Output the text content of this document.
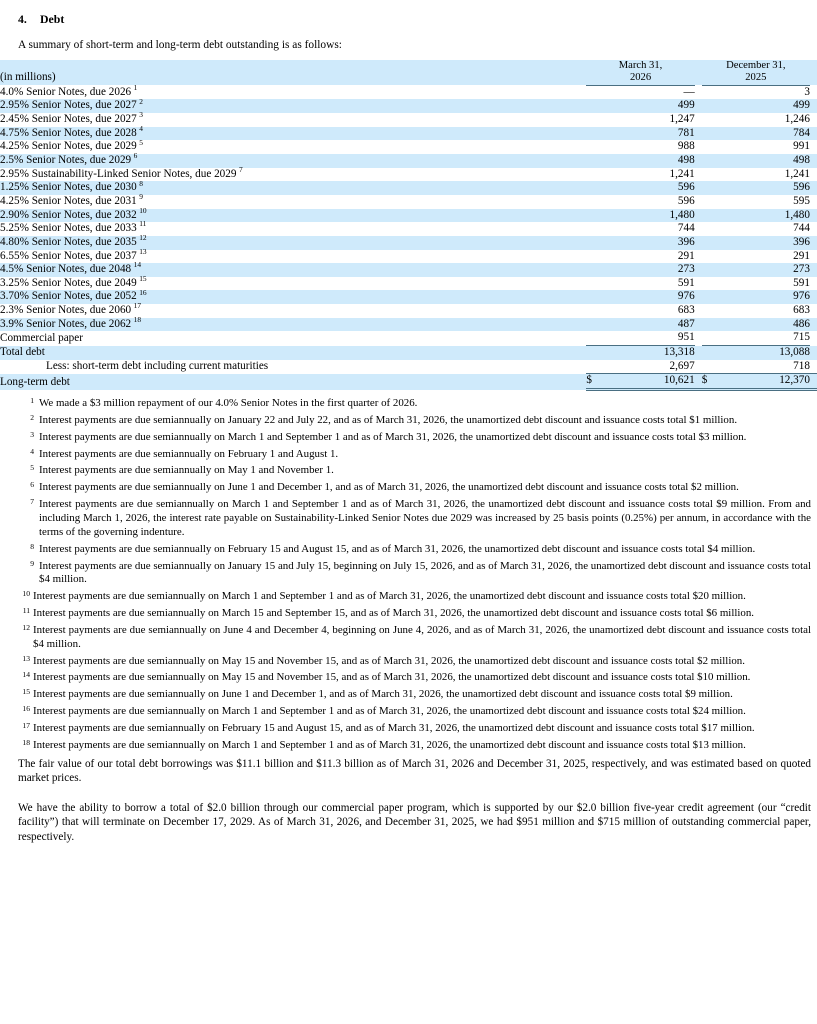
4.	Debt
A summary of short-term and long-term debt outstanding is as follows:
(in millions)		March 31,
2026			December 31,
2025		
4.0% Senior Notes, due 2026 $^1$			—			3	
2.95% Senior Notes, due 2027 $^2$			499			499	
2.45% Senior Notes, due 2027 $^3$			1,247			1,246	
4.75% Senior Notes, due 2028 $^4$			781			784	
4.25% Senior Notes, due 2029 $^5$			988			991	
2.5% Senior Notes, due 2029 $^6$			498			498	
2.95% Sustainability-Linked Senior Notes, due 2029 $^7$			1,241			1,241	
1.25% Senior Notes, due 2030 $^8$			596			596	
4.25% Senior Notes, due 2031 $^9$			596			595	
2.90% Senior Notes, due 2032 $^{10}$			1,480			1,480	
5.25% Senior Notes, due 2033 $^{11}$			744			744	
4.80% Senior Notes, due 2035 $^{12}$			396			396	
6.55% Senior Notes, due 2037 $^{13}$			291			291	
4.5% Senior Notes, due 2048 $^{14}$			273			273	
3.25% Senior Notes, due 2049 $^{15}$			591			591	
3.70% Senior Notes, due 2052 $^{16}$			976			976	
2.3% Senior Notes, due 2060 $^{17}$			683			683	
3.9% Senior Notes, due 2062 $^{18}$			487			486	
Commercial paper			951			715	
Total debt			13,318			13,088	
Less: short-term debt including current maturities			2,697			718	
Long-term debt		$	10,621		$	12,370	
1 We made a $3 million repayment of our 4.0% Senior Notes in the first quarter of 2026.
2 Interest payments are due semiannually on January 22 and July 22, and as of March 31, 2026, the unamortized debt discount and issuance costs total $1 million.
3 Interest payments are due semiannually on March 1 and September 1 and as of March 31, 2026, the unamortized debt discount and issuance costs total $3 million.
4 Interest payments are due semiannually on February 1 and August 1.
5 Interest payments are due semiannually on May 1 and November 1.
6 Interest payments are due semiannually on June 1 and December 1, and as of March 31, 2026, the unamortized debt discount and issuance costs total $2 million.
7 Interest payments are due semiannually on March 1 and September 1 and as of March 31, 2026, the unamortized debt discount and issuance costs total $9 million. From and including March 1, 2026, the interest rate payable on Sustainability-Linked Senior Notes due 2029 was increased by 25 basis points (0.25%) per annum, in accordance with the terms of the governing indenture.
8 Interest payments are due semiannually on February 15 and August 15, and as of March 31, 2026, the unamortized debt discount and issuance costs total $4 million.
9 Interest payments are due semiannually on January 15 and July 15, beginning on July 15, 2026, and as of March 31, 2026, the unamortized debt discount and issuance costs total $4 million.
10 Interest payments are due semiannually on March 1 and September 1 and as of March 31, 2026, the unamortized debt discount and issuance costs total $20 million.
11 Interest payments are due semiannually on March 15 and September 15, and as of March 31, 2026, the unamortized debt discount and issuance costs total $6 million.
12 Interest payments are due semiannually on June 4 and December 4, beginning on June 4, 2026, and as of March 31, 2026, the unamortized debt discount and issuance costs total $4 million.
13 Interest payments are due semiannually on May 15 and November 15, and as of March 31, 2026, the unamortized debt discount and issuance costs total $2 million.
14 Interest payments are due semiannually on May 15 and November 15, and as of March 31, 2026, the unamortized debt discount and issuance costs total $10 million.
15 Interest payments are due semiannually on June 1 and December 1, and as of March 31, 2026, the unamortized debt discount and issuance costs total $9 million.
16 Interest payments are due semiannually on March 1 and September 1 and as of March 31, 2026, the unamortized debt discount and issuance costs total $24 million.
17 Interest payments are due semiannually on February 15 and August 15, and as of March 31, 2026, the unamortized debt discount and issuance costs total $17 million.
18 Interest payments are due semiannually on March 1 and September 1 and as of March 31, 2026, the unamortized debt discount and issuance costs total $13 million.
The fair value of our total debt borrowings was $11.1 billion and $11.3 billion as of March 31, 2026 and December 31, 2025, respectively, and was estimated based on quoted market prices.
We have the ability to borrow a total of $2.0 billion through our commercial paper program, which is supported by our $2.0 billion five-year credit agreement (our “credit facility”) that will terminate on December 17, 2029. As of March 31, 2026, and December 31, 2025, we had $951 million and $715 million of outstanding commercial paper, respectively.
